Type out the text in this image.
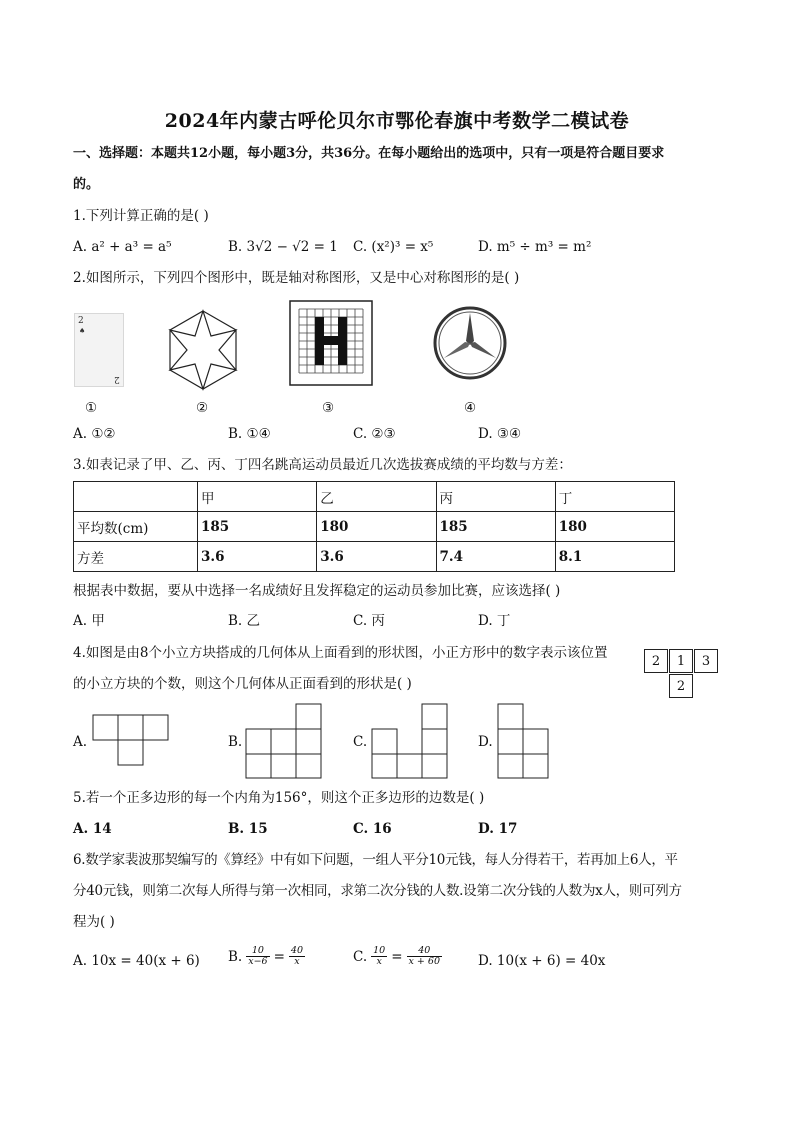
2024年内蒙古呼伦贝尔市鄂伦春旗中考数学二模试卷
一、选择题：本题共12小题，每小题3分，共36分。在每小题给出的选项中，只有一项是符合题目要求
的。
1.下列计算正确的是( )
A. a² + a³ = a⁵	B. 3√2 − √2 = 1 C. (x²)³ = x⁵	D. m⁵ ÷ m³ = m²
2.如图所示，下列四个图形中，既是轴对称图形，又是中心对称图形的是( )
2
♠
2
①	②	③	④
A. ①②	B. ①④	C. ②③	D. ③④
3.如表记录了甲、乙、丙、丁四名跳高运动员最近几次选拔赛成绩的平均数与方差：
	甲	乙	丙	丁
平均数(cm)	185	180	185	180
方差	3.6	3.6	7.4	8.1
根据表中数据，要从中选择一名成绩好且发挥稳定的运动员参加比赛，应该选择( )
A. 甲	B. 乙	C. 丙	D. 丁
4.如图是由8个小立方块搭成的几何体从上面看到的形状图，小正方形中的数字表示该位置
的小立方块的个数，则这个几何体从正面看到的形状是( )
2	1	3
2
A.	B.	C.	D.
5.若一个正多边形的每一个内角为156°，则这个正多边形的边数是( )
A. 14	B. 15	C. 16	D. 17
6.数学家裴波那契编写的《算经》中有如下问题，一组人平分10元钱，每人分得若干，若再加上6人，平
分40元钱，则第二次每人所得与第一次相同，求第二次分钱的人数.设第二次分钱的人数为x人，则可列方
程为( )
A. 10x = 40(x + 6) B. $\frac{10}{x-6} = \frac{40}{x}$	C. $\frac{10}{x} = \frac{40}{x + 60}$	D. 10(x + 6) = 40x
